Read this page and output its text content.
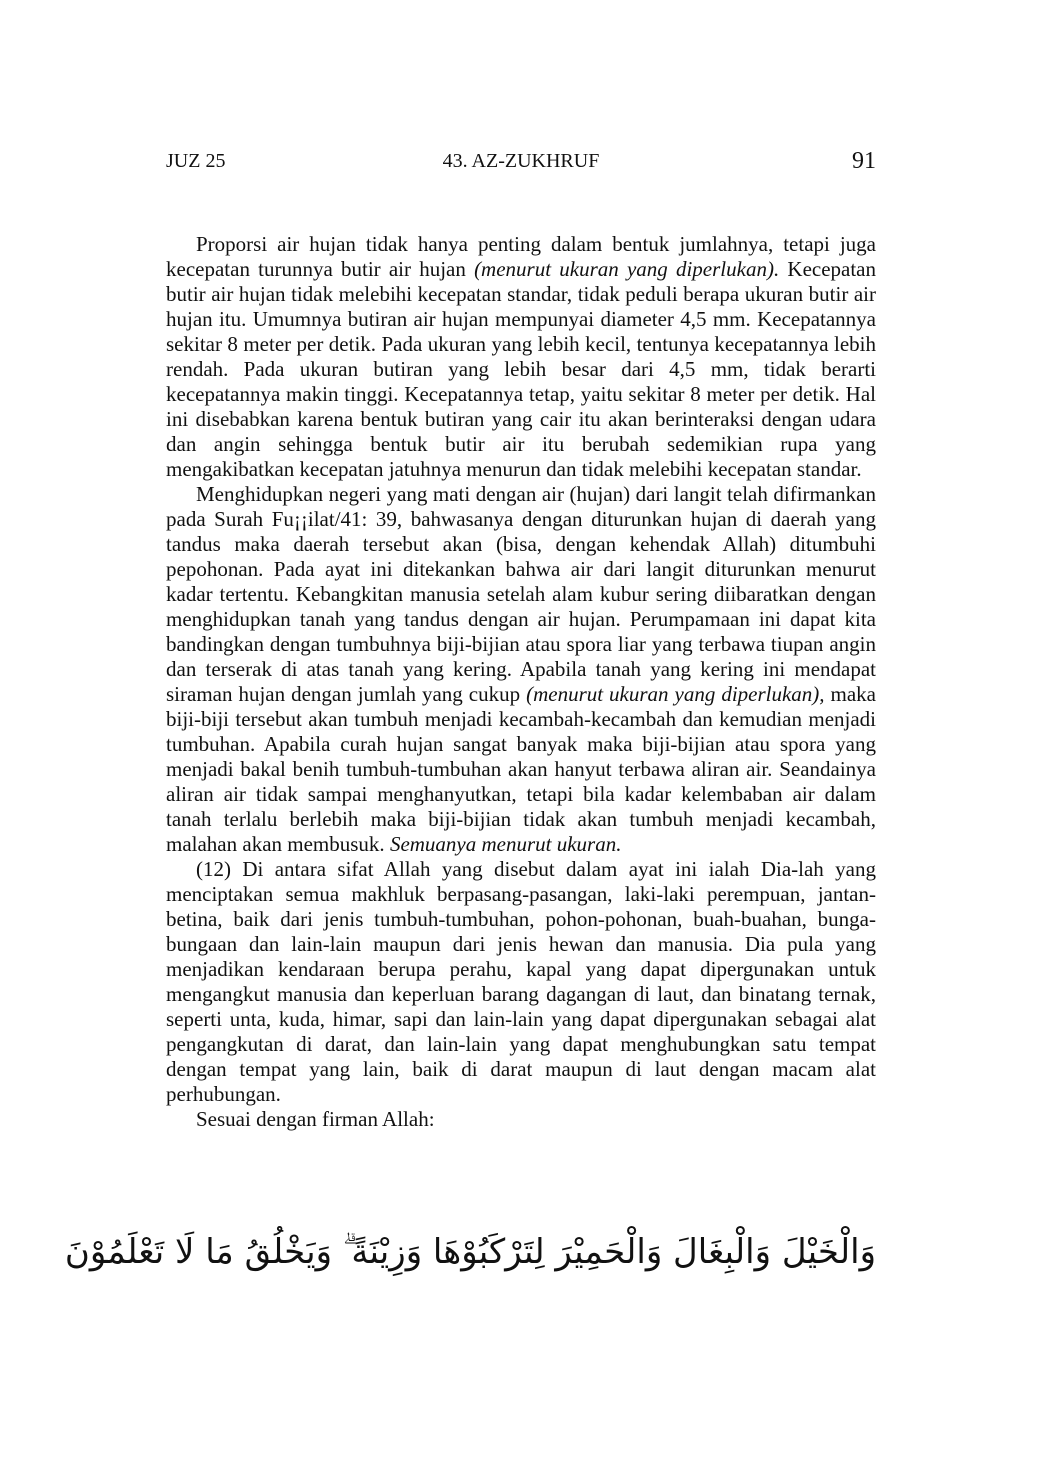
JUZ 25	43. AZ-ZUKHRUF	91

Proporsi air hujan tidak hanya penting dalam bentuk jumlahnya, tetapi juga kecepatan turunnya butir air hujan (menurut ukuran yang diperlukan). Kecepatan butir air hujan tidak melebihi kecepatan standar, tidak peduli berapa ukuran butir air hujan itu. Umumnya butiran air hujan mempunyai diameter 4,5 mm. Kecepatannya sekitar 8 meter per detik. Pada ukuran yang lebih kecil, tentunya kecepatannya lebih rendah. Pada ukuran butiran yang lebih besar dari 4,5 mm, tidak berarti kecepatannya makin tinggi. Kecepatannya tetap, yaitu sekitar 8 meter per detik. Hal ini disebabkan karena bentuk butiran yang cair itu akan berinteraksi dengan udara dan angin sehingga bentuk butir air itu berubah sedemikian rupa yang mengakibatkan kecepatan jatuhnya menurun dan tidak melebihi kecepatan standar.

Menghidupkan negeri yang mati dengan air (hujan) dari langit telah difirmankan pada Surah Fu¡¡ilat/41: 39, bahwasanya dengan diturunkan hujan di daerah yang tandus maka daerah tersebut akan (bisa, dengan kehendak Allah) ditumbuhi pepohonan. Pada ayat ini ditekankan bahwa air dari langit diturunkan menurut kadar tertentu. Kebangkitan manusia setelah alam kubur sering diibaratkan dengan menghidupkan tanah yang tandus dengan air hujan. Perumpamaan ini dapat kita bandingkan dengan tumbuhnya biji-bijian atau spora liar yang terbawa tiupan angin dan terserak di atas tanah yang kering. Apabila tanah yang kering ini mendapat siraman hujan dengan jumlah yang cukup (menurut ukuran yang diperlukan), maka biji-biji tersebut akan tumbuh menjadi kecambah-kecambah dan kemudian menjadi tumbuhan. Apabila curah hujan sangat banyak maka biji-bijian atau spora yang menjadi bakal benih tumbuh-tumbuhan akan hanyut terbawa aliran air. Seandainya aliran air tidak sampai menghanyutkan, tetapi bila kadar kelembaban air dalam tanah terlalu berlebih maka biji-bijian tidak akan tumbuh menjadi kecambah, malahan akan membusuk. Semuanya menurut ukuran.

(12) Di antara sifat Allah yang disebut dalam ayat ini ialah Dia-lah yang menciptakan semua makhluk berpasang-pasangan, laki-laki perempuan, jantan-betina, baik dari jenis tumbuh-tumbuhan, pohon-pohonan, buah-buahan, bunga-bungaan dan lain-lain maupun dari jenis hewan dan manusia. Dia pula yang menjadikan kendaraan berupa perahu, kapal yang dapat dipergunakan untuk mengangkut manusia dan keperluan barang dagangan di laut, dan binatang ternak, seperti unta, kuda, himar, sapi dan lain-lain yang dapat dipergunakan sebagai alat pengangkutan di darat, dan lain-lain yang dapat menghubungkan satu tempat dengan tempat yang lain, baik di darat maupun di laut dengan macam alat perhubungan.

Sesuai dengan firman Allah:

وَالْخَيْلَ وَالْبِغَالَ وَالْحَمِيْرَ لِتَرْكَبُوْهَا وَزِيْنَةً ۗ وَيَخْلُقُ مَا لَا تَعْلَمُوْنَ
